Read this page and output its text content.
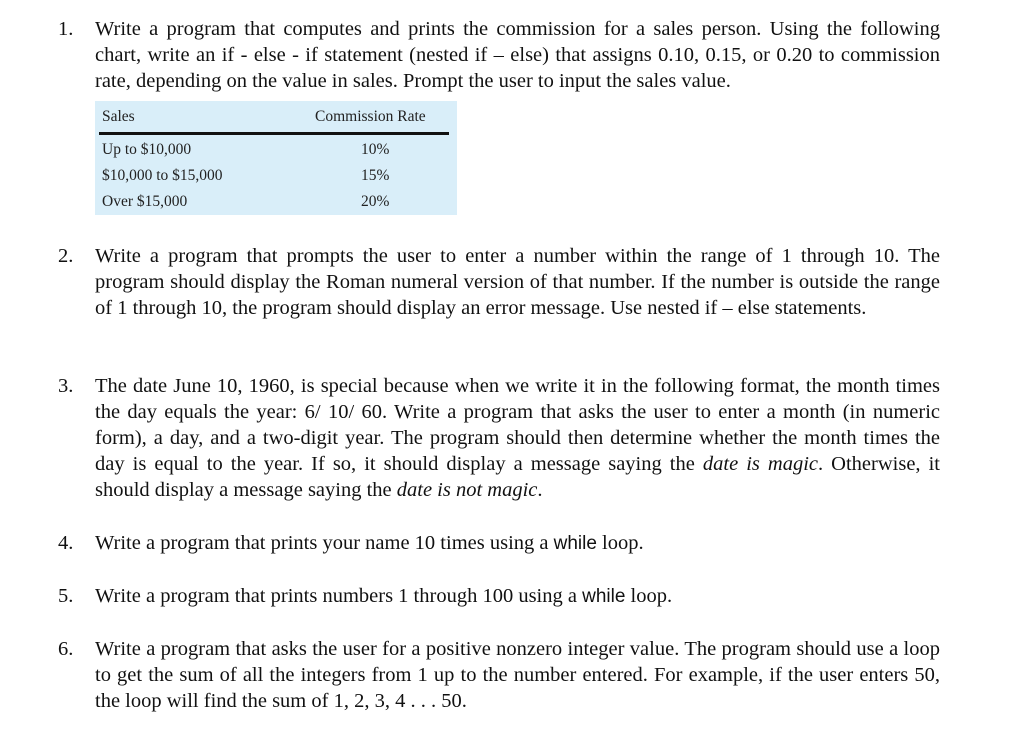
1.	Write a program that computes and prints the commission for a sales person. Using the following chart, write an if - else - if statement (nested if – else) that assigns 0.10, 0.15, or 0.20 to commission rate, depending on the value in sales. Prompt the user to input the sales value.
Sales	Commission Rate
Up to $10,000	10%
$10,000 to $15,000	15%
Over $15,000	20%
2.	Write a program that prompts the user to enter a number within the range of 1 through 10. The program should display the Roman numeral version of that number. If the number is outside the range of 1 through 10, the program should display an error message. Use nested if – else statements.
3.	The date June 10, 1960, is special because when we write it in the following format, the month times the day equals the year: 6/ 10/ 60. Write a program that asks the user to enter a month (in numeric form), a day, and a two-digit year. The program should then determine whether the month times the day is equal to the year. If so, it should display a message saying the date is magic. Otherwise, it should display a message saying the date is not magic.
4.	Write a program that prints your name 10 times using a while loop.
5.	Write a program that prints numbers 1 through 100 using a while loop.
6.	Write a program that asks the user for a positive nonzero integer value. The program should use a loop to get the sum of all the integers from 1 up to the number entered. For example, if the user enters 50, the loop will find the sum of 1, 2, 3, 4 . . . 50.
